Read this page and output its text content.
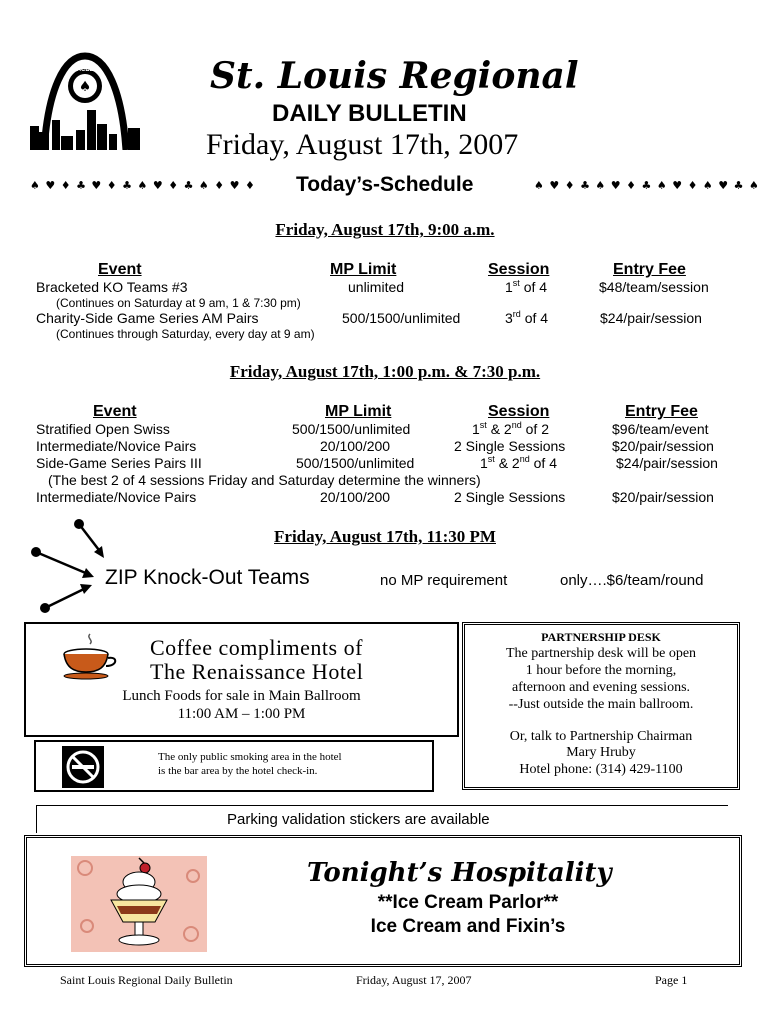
♠
ACBL	St. Louis Regional
DAILY BULLETIN
Friday, August 17th, 2007
♠ ♥ ♦ ♣ ♥ ♦ ♣ ♠ ♥ ♦ ♣ ♠ ♦ ♥ ♦ Today’s-Schedule	♠ ♥ ♦ ♣ ♠ ♥ ♦ ♣ ♠ ♥ ♦ ♠ ♥ ♣ ♠
Friday, August 17th, 9:00 a.m.
Event	MP Limit	Session	Entry Fee
Bracketed KO Teams #3	unlimited	1st of 4	$48/team/session
(Continues on Saturday at 9 am, 1 & 7:30 pm)
Charity-Side Game Series AM Pairs	500/1500/unlimited	3rd of 4	$24/pair/session
(Continues through Saturday, every day at 9 am)
Friday, August 17th, 1:00 p.m. & 7:30 p.m.
Event	MP Limit	Session	Entry Fee
Stratified Open Swiss	500/1500/unlimited	1st & 2nd of 2	$96/team/event
Intermediate/Novice Pairs	20/100/200	2 Single Sessions	$20/pair/session
Side-Game Series Pairs III	500/1500/unlimited	1st & 2nd of 4	$24/pair/session
(The best 2 of 4 sessions Friday and Saturday determine the winners)
Intermediate/Novice Pairs	20/100/200	2 Single Sessions	$20/pair/session
Friday, August 17th, 11:30 PM
ZIP Knock-Out Teams	no MP requirement	only….$6/team/round
Coffee compliments of
The Renaissance Hotel
Lunch Foods for sale in Main Ballroom
11:00 AM – 1:00 PM
The only public smoking area in the hotel
is the bar area by the hotel check-in.
PARTNERSHIP DESK
The partnership desk will be open
1 hour before the morning,
afternoon and evening sessions.
--Just outside the main ballroom.
Or, talk to Partnership Chairman
Mary Hruby
Hotel phone: (314) 429-1100
Parking validation stickers are available
Tonight’s Hospitality
**Ice Cream Parlor**
Ice Cream and Fixin’s
Saint Louis Regional Daily Bulletin	Friday, August 17, 2007	Page 1
